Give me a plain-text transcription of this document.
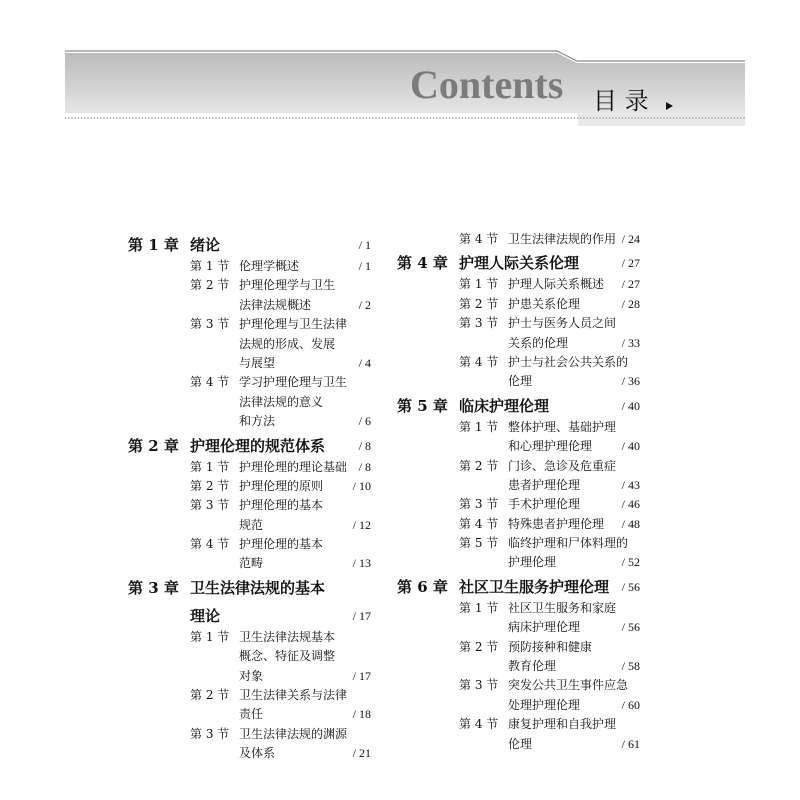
Contents 目 录
第 1 章 绪论	/ 1
第 1 节 伦理学概述	/ 1
第 2 节 护理伦理学与卫生
法律法规概述	/ 2
第 3 节 护理伦理与卫生法律
法规的形成、发展
与展望	/ 4
第 4 节 学习护理伦理与卫生
法律法规的意义
和方法	/ 6
第 2 章 护理伦理的规范体系	/ 8
第 1 节 护理伦理的理论基础 / 8
第 2 节 护理伦理的原则 / 10
第 3 节 护理伦理的基本
规范	/ 12
第 4 节 护理伦理的基本
范畴	/ 13
第 3 章 卫生法律法规的基本
理论	/ 17
第 1 节 卫生法律法规基本
概念、特征及调整
对象	/ 17
第 2 节 卫生法律关系与法律
责任	/ 18
第 3 节 卫生法律法规的渊源
及体系	/ 21
第 4 节 卫生法律法规的作用 / 24
第 4 章 护理人际关系伦理	/ 27
第 1 节 护理人际关系概述 / 27
第 2 节 护患关系伦理	/ 28
第 3 节 护士与医务人员之间
关系的伦理	/ 33
第 4 节 护士与社会公共关系的
伦理	/ 36
第 5 章 临床护理伦理	/ 40
第 1 节 整体护理、基础护理
和心理护理伦理 / 40
第 2 节 门诊、急诊及危重症
患者护理伦理	/ 43
第 3 节 手术护理伦理	/ 46
第 4 节 特殊患者护理伦理 / 48
第 5 节 临终护理和尸体料理的
护理伦理	/ 52
第 6 章 社区卫生服务护理伦理 / 56
第 1 节 社区卫生服务和家庭
病床护理伦理	/ 56
第 2 节 预防接种和健康
教育伦理	/ 58
第 3 节 突发公共卫生事件应急
处理护理伦理	/ 60
第 4 节 康复护理和自我护理
伦理	/ 61
